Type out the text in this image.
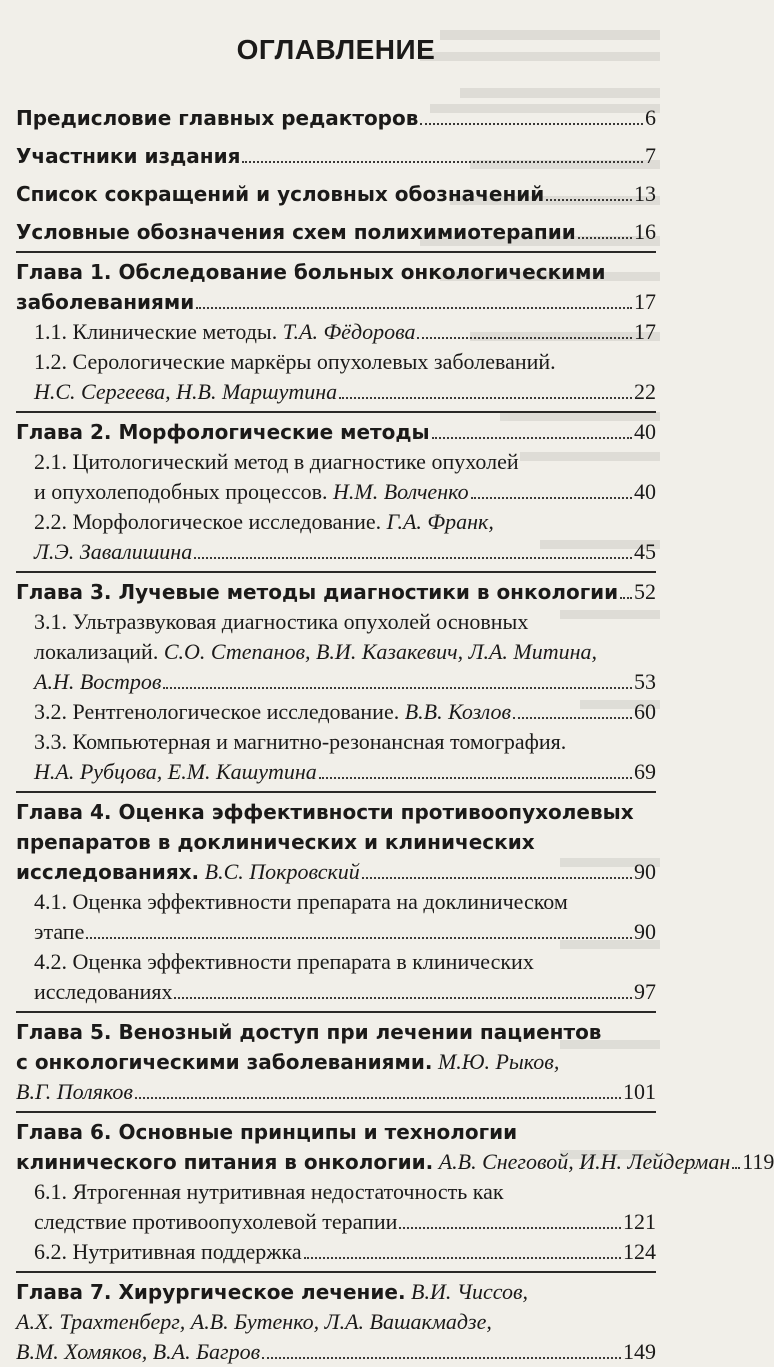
ОГЛАВЛЕНИЕ
Предисловие главных редакторов	6
Участники издания	7
Список сокращений и условных обозначений	13
Условные обозначения схем полихимиотерапии	16
Глава 1. Обследование больных онкологическими
заболеваниями	17
1.1. Клинические методы.
Т.А. Фёдорова	17
1.2. Серологические маркёры опухолевых заболеваний.
Н.С. Сергеева, Н.В. Маршутина	22
Глава 2. Морфологические методы	40
2.1. Цитологический метод в диагностике опухолей
и опухолеподобных процессов.
Н.М. Волченко	40
2.2. Морфологическое исследование.
Г.А. Франк,
Л.Э. Завалишина	45
Глава 3. Лучевые методы диагностики в онкологии 52
3.1. Ультразвуковая диагностика опухолей основных
локализаций.
С.О. Степанов, В.И. Казакевич, Л.А. Митина,
А.Н. Востров	53
3.2. Рентгенологическое исследование.
В.В. Козлов	60
3.3. Компьютерная и магнитно-резонансная томография.
Н.А. Рубцова, Е.М. Кашутина	69
Глава 4. Оценка эффективности противоопухолевых
препаратов в доклинических и клинических
исследованиях.
В.С. Покровский	90
4.1. Оценка эффективности препарата на доклиническом
этапе	90
4.2. Оценка эффективности препарата в клинических
исследованиях	97
Глава 5. Венозный доступ при лечении пациентов
с онкологическими заболеваниями.
М.Ю. Рыков,
В.Г. Поляков	101
Глава 6. Основные принципы и технологии
клинического питания в онкологии.
А.В. Снеговой, И.Н. Лейдерман 119
6.1. Ятрогенная нутритивная недостаточность как
следствие противоопухолевой терапии	121
6.2. Нутритивная поддержка	124
Глава 7. Хирургическое лечение.
В.И. Чиссов,
А.Х. Трахтенберг, А.В. Бутенко, Л.А. Вашакмадзе,
В.М. Хомяков, В.А. Багров	149
